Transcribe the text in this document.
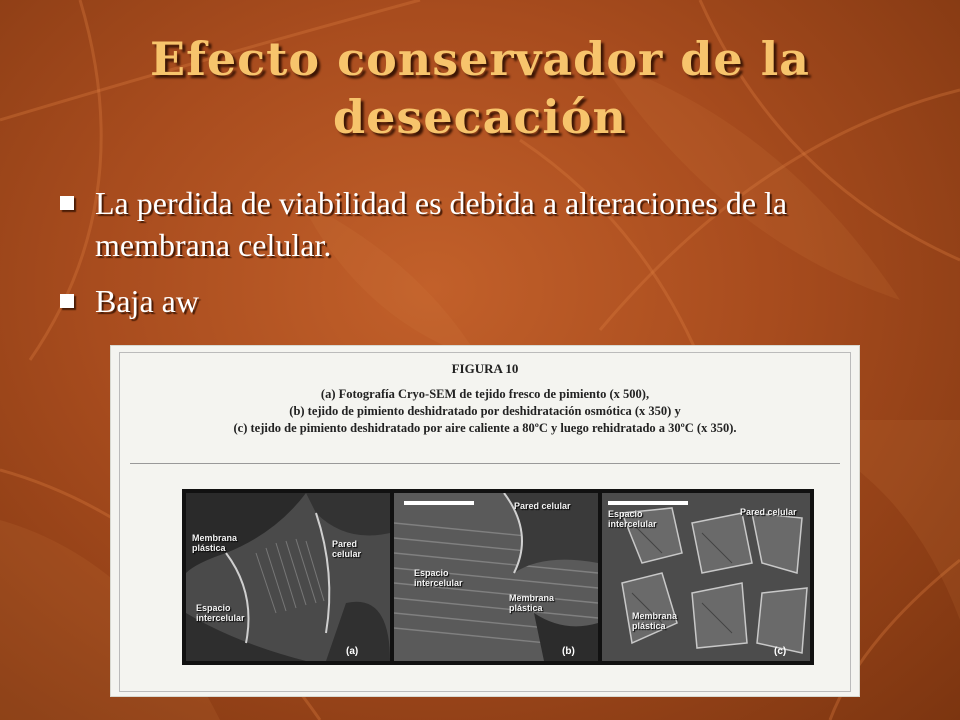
Efecto conservador de la desecación
La perdida de viabilidad es debida a alteraciones de la membrana celular.
Baja aw
FIGURA 10
(a) Fotografía Cryo-SEM de tejido fresco de pimiento (x 500),
(b) tejido de pimiento deshidratado por deshidratación osmótica (x 350) y
(c) tejido de pimiento deshidratado por aire caliente a 80ºC y luego rehidratado a 30ºC (x 350).
Membrana plástica	Pared celular
Espacio intercelular
(a)
Pared celular
Espacio intercelular
Membrana plástica
(b)
Espacio intercelular
Pared celular
Membrana plástica
(c)
